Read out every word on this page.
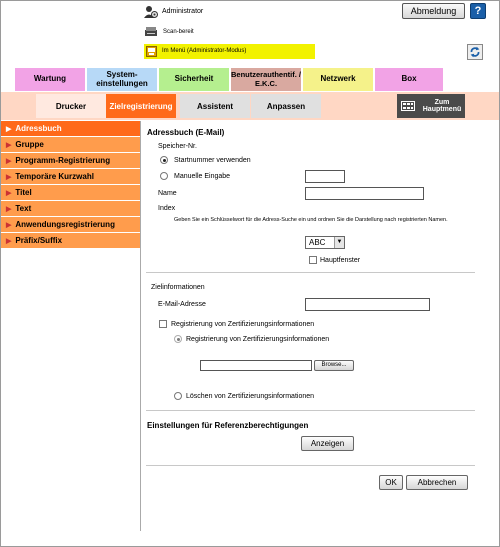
Administrator	Abmeldung	?
Scan-bereit
Im Menü (Administrator-Modus)
Wartung	System-
einstellungen	Sicherheit Benutzerauthentif. /
E.K.C.	Netzwerk	Box
Drucker	Zielregistrierung	Assistent	Anpassen	Zum
Hauptmenü
▶ Adressbuch
▶ Gruppe
▶ Programm-Registrierung
▶ Temporäre Kurzwahl
▶ Titel
▶ Text
▶ Anwendungsregistrierung
▶ Präfix/Suffix
Adressbuch (E-Mail)
Speicher-Nr.
Startnummer verwenden
Manuelle Eingabe
Name
Index
Geben Sie ein Schlüsselwort für die Adress-Suche ein und ordnen Sie die Darstellung nach registrierten Namen.
ABC	▼
Hauptfenster
Zielinformationen
E-Mail-Adresse
Registrierung von Zertifizierungsinformationen
Registrierung von Zertifizierungsinformationen
Browse...
Löschen von Zertifizierungsinformationen
Einstellungen für Referenzberechtigungen
Anzeigen
OK	Abbrechen
